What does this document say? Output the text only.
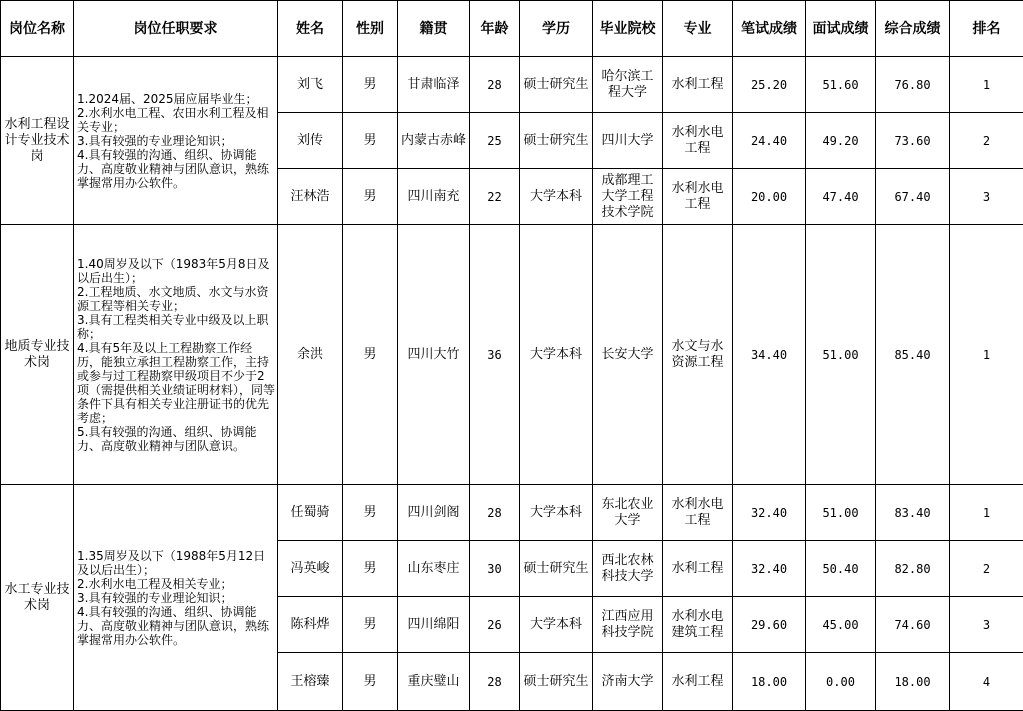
岗位名称	岗位任职要求	姓名	性别	籍贯	年龄	学历	毕业院校	专业	笔试成绩	面试成绩	综合成绩	排名
水利工程设计专业技术岗	1.2024届、2025届应届毕业生；
2.水利水电工程、农田水利工程及相关专业；
3.具有较强的专业理论知识；
4.具有较强的沟通、组织、协调能力、高度敬业精神与团队意识，熟练掌握常用办公软件。	刘飞	男	甘肃临泽	28	硕士研究生	哈尔滨工程大学	水利工程	25.20	51.60	76.80	1
		刘传	男	内蒙古赤峰	25	硕士研究生	四川大学	水利水电工程	24.40	49.20	73.60	2
		汪林浩	男	四川南充	22	大学本科	成都理工大学工程技术学院	水利水电工程	20.00	47.40	67.40	3
地质专业技术岗	1.40周岁及以下（1983年5月8日及以后出生）；
2.工程地质、水文地质、水文与水资源工程等相关专业；
3.具有工程类相关专业中级及以上职称；
4.具有5年及以上工程勘察工作经历，能独立承担工程勘察工作，主持或参与过工程勘察甲级项目不少于2项（需提供相关业绩证明材料），同等条件下具有相关专业注册证书的优先考虑；
5.具有较强的沟通、组织、协调能力、高度敬业精神与团队意识。	余洪	男	四川大竹	36	大学本科	长安大学	水文与水资源工程	34.40	51.00	85.40	1
水工专业技术岗	1.35周岁及以下（1988年5月12日及以后出生）；
2.水利水电工程及相关专业；
3.具有较强的专业理论知识；
4.具有较强的沟通、组织、协调能力、高度敬业精神与团队意识，熟练掌握常用办公软件。	任蜀骑	男	四川剑阁	28	大学本科	东北农业大学	水利水电工程	32.40	51.00	83.40	1
		冯英峻	男	山东枣庄	30	硕士研究生	西北农林科技大学	水利工程	32.40	50.40	82.80	2
		陈科烨	男	四川绵阳	26	大学本科	江西应用科技学院	水利水电建筑工程	29.60	45.00	74.60	3
		王榕臻	男	重庆璧山	28	硕士研究生	济南大学	水利工程	18.00	0.00	18.00	4
